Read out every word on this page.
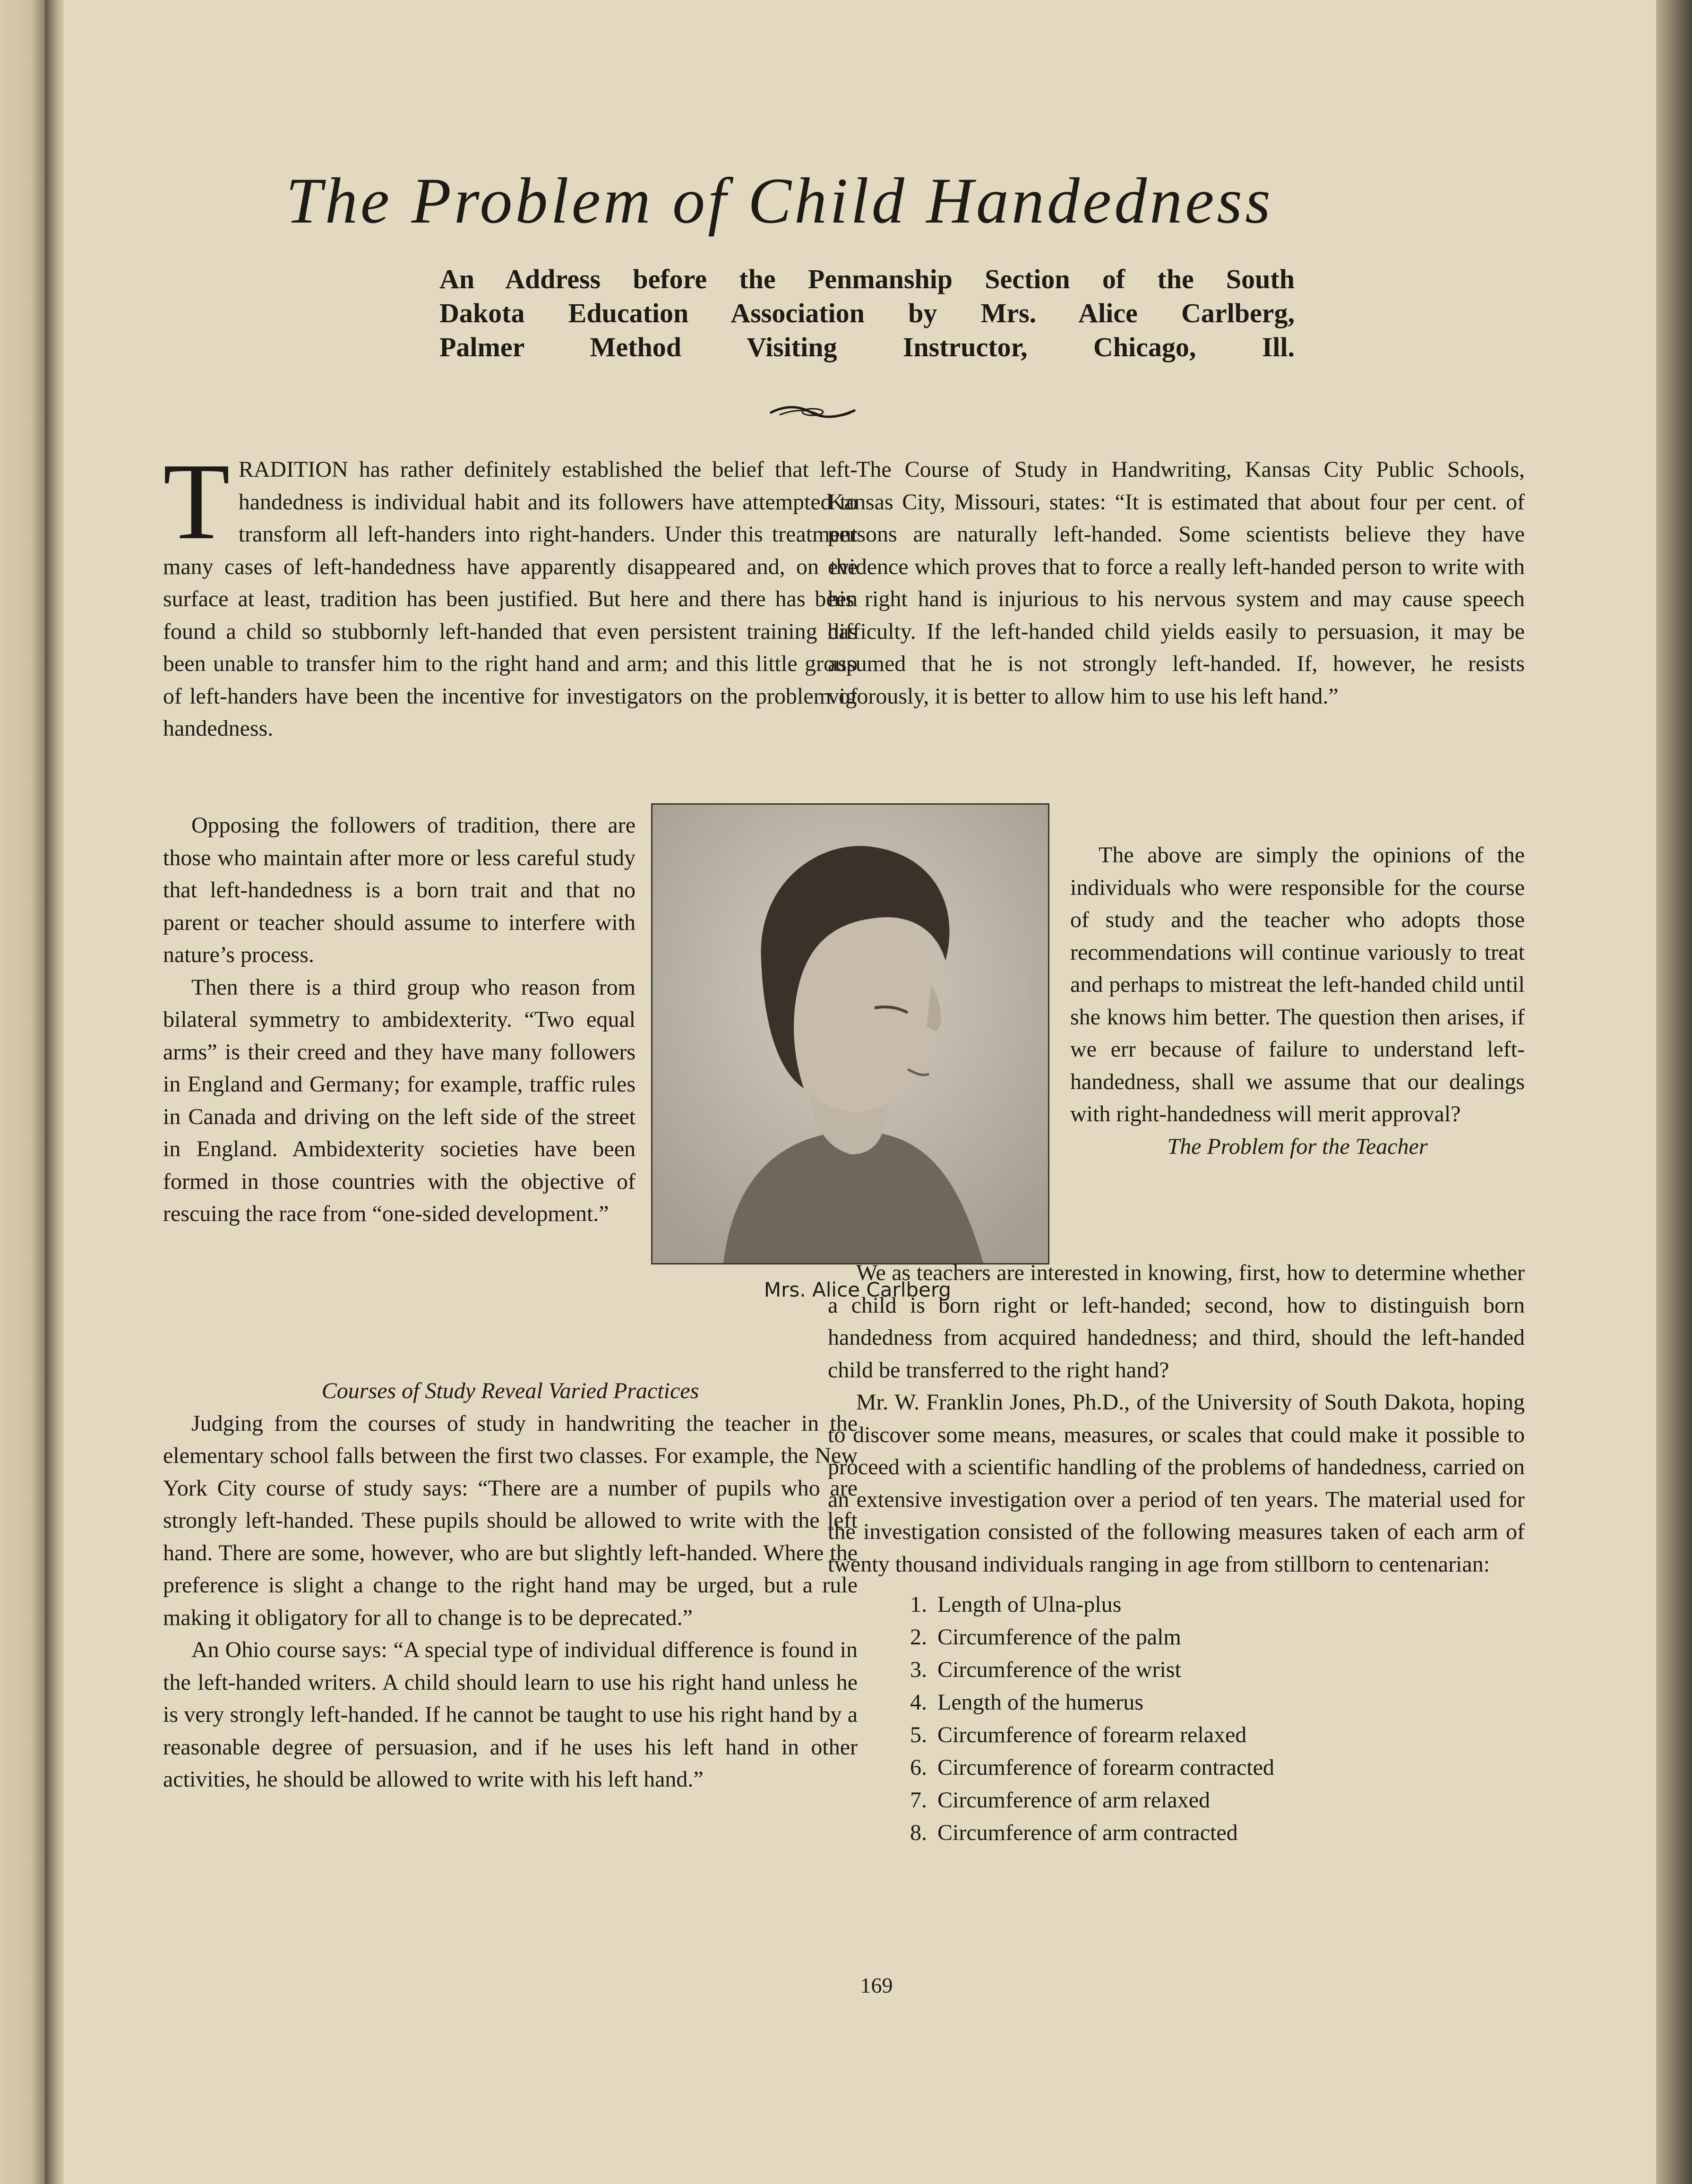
The Problem of Child Handedness
An Address before the Penmanship Section of the South
Dakota Education Association by Mrs. Alice Carlberg,
Palmer Method Visiting Instructor, Chicago, Ill.

TRADITION has rather definitely established the belief that left-handedness is individual habit and its followers have attempted to transform all left-handers into right-handers. Under this treatment many cases of left-handedness have apparently disappeared and, on the surface at least, tradition has been justified. But here and there has been found a child so stubbornly left-handed that even persistent training has been unable to transfer him to the right hand and arm; and this little group of left-handers have been the incentive for investigators on the problem of handedness.

Opposing the followers of tradition, there are those who maintain after more or less careful study that left-handedness is a born trait and that no parent or teacher should assume to interfere with nature’s process.

Then there is a third group who reason from bilateral symmetry to ambidexterity. “Two equal arms” is their creed and they have many followers in England and Germany; for example, traffic rules in Canada and driving on the left side of the street in England. Ambidexterity societies have been formed in those countries with the objective of rescuing the race from “one-sided development.”

Courses of Study Reveal Varied Practices

Judging from the courses of study in handwriting the teacher in the elementary school falls between the first two classes. For example, the New York City course of study says: “There are a number of pupils who are strongly left-handed. These pupils should be allowed to write with the left hand. There are some, however, who are but slightly left-handed. Where the preference is slight a change to the right hand may be urged, but a rule making it obligatory for all to change is to be deprecated.”

An Ohio course says: “A special type of individual difference is found in the left-handed writers. A child should learn to use his right hand unless he is very strongly left-handed. If he cannot be taught to use his right hand by a reasonable degree of persuasion, and if he uses his left hand in other activities, he should be allowed to write with his left hand.”

Mrs. Alice Carlberg

The Course of Study in Handwriting, Kansas City Public Schools, Kansas City, Missouri, states: “It is estimated that about four per cent. of persons are naturally left-handed. Some scientists believe they have evidence which proves that to force a really left-handed person to write with his right hand is injurious to his nervous system and may cause speech difficulty. If the left-handed child yields easily to persuasion, it may be assumed that he is not strongly left-handed. If, however, he resists vigorously, it is better to allow him to use his left hand.”

The above are simply the opinions of the individuals who were responsible for the course of study and the teacher who adopts those recommendations will continue variously to treat and perhaps to mistreat the left-handed child until she knows him better. The question then arises, if we err because of failure to understand left-handedness, shall we assume that our dealings with right-handedness will merit approval?

The Problem for the Teacher

We as teachers are interested in knowing, first, how to determine whether a child is born right or left-handed; second, how to distinguish born handedness from acquired handedness; and third, should the left-handed child be transferred to the right hand?

Mr. W. Franklin Jones, Ph.D., of the University of South Dakota, hoping to discover some means, measures, or scales that could make it possible to proceed with a scientific handling of the problems of handedness, carried on an extensive investigation over a period of ten years. The material used for the investigation consisted of the following measures taken of each arm of twenty thousand individuals ranging in age from stillborn to centenarian:

1. Length of Ulna-plus
2. Circumference of the palm
3. Circumference of the wrist
4. Length of the humerus
5. Circumference of forearm relaxed
6. Circumference of forearm contracted
7. Circumference of arm relaxed
8. Circumference of arm contracted
169
